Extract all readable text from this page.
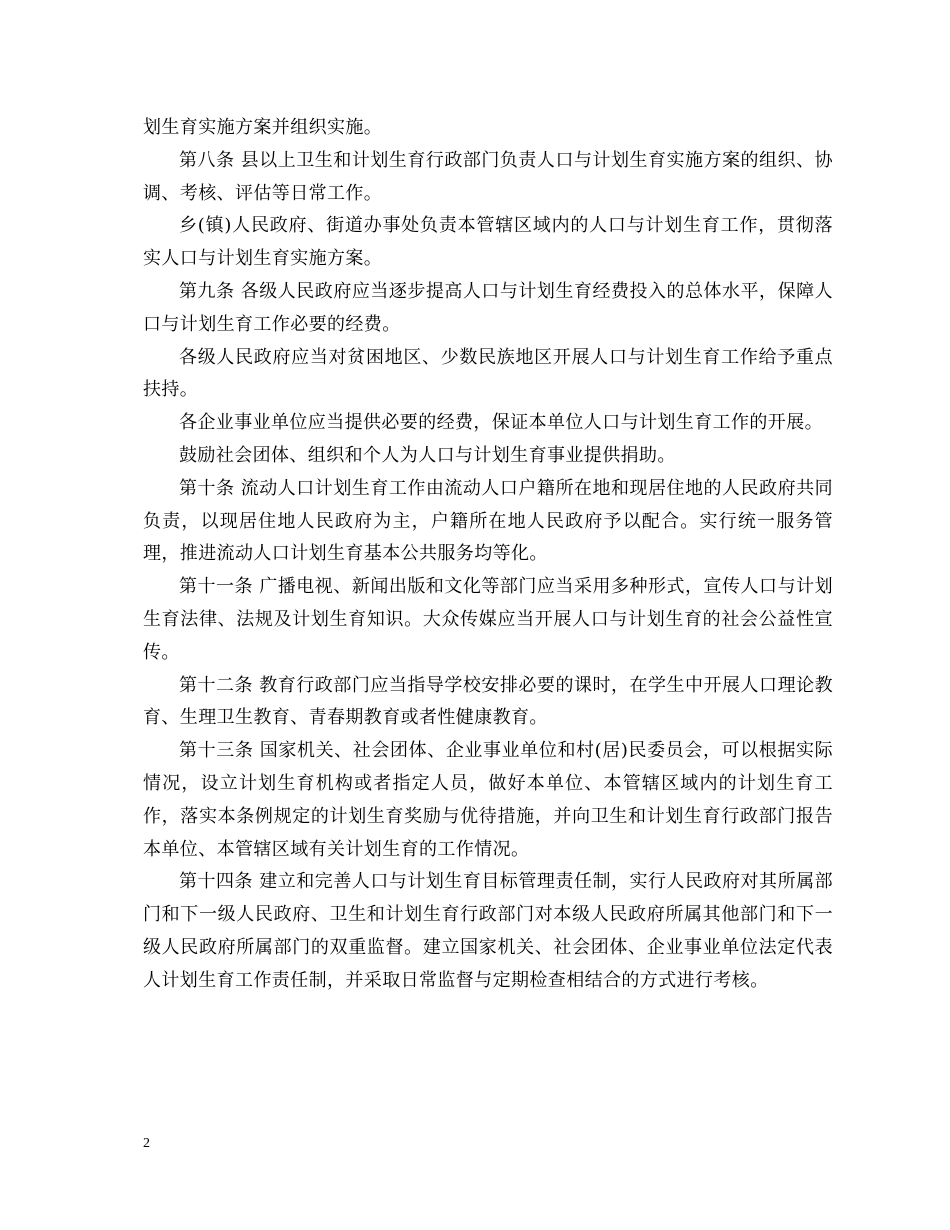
划生育实施方案并组织实施。

第八条 县以上卫生和计划生育行政部门负责人口与计划生育实施方案的组织、协调、考核、评估等日常工作。

乡(镇)人民政府、街道办事处负责本管辖区域内的人口与计划生育工作，贯彻落实人口与计划生育实施方案。

第九条 各级人民政府应当逐步提高人口与计划生育经费投入的总体水平，保障人口与计划生育工作必要的经费。

各级人民政府应当对贫困地区、少数民族地区开展人口与计划生育工作给予重点扶持。

各企业事业单位应当提供必要的经费，保证本单位人口与计划生育工作的开展。

鼓励社会团体、组织和个人为人口与计划生育事业提供捐助。

第十条 流动人口计划生育工作由流动人口户籍所在地和现居住地的人民政府共同负责，以现居住地人民政府为主，户籍所在地人民政府予以配合。实行统一服务管理，推进流动人口计划生育基本公共服务均等化。

第十一条 广播电视、新闻出版和文化等部门应当采用多种形式，宣传人口与计划生育法律、法规及计划生育知识。大众传媒应当开展人口与计划生育的社会公益性宣传。

第十二条 教育行政部门应当指导学校安排必要的课时，在学生中开展人口理论教育、生理卫生教育、青春期教育或者性健康教育。

第十三条 国家机关、社会团体、企业事业单位和村(居)民委员会，可以根据实际情况，设立计划生育机构或者指定人员，做好本单位、本管辖区域内的计划生育工作，落实本条例规定的计划生育奖励与优待措施，并向卫生和计划生育行政部门报告本单位、本管辖区域有关计划生育的工作情况。

第十四条 建立和完善人口与计划生育目标管理责任制，实行人民政府对其所属部门和下一级人民政府、卫生和计划生育行政部门对本级人民政府所属其他部门和下一级人民政府所属部门的双重监督。建立国家机关、社会团体、企业事业单位法定代表人计划生育工作责任制，并采取日常监督与定期检查相结合的方式进行考核。

2
